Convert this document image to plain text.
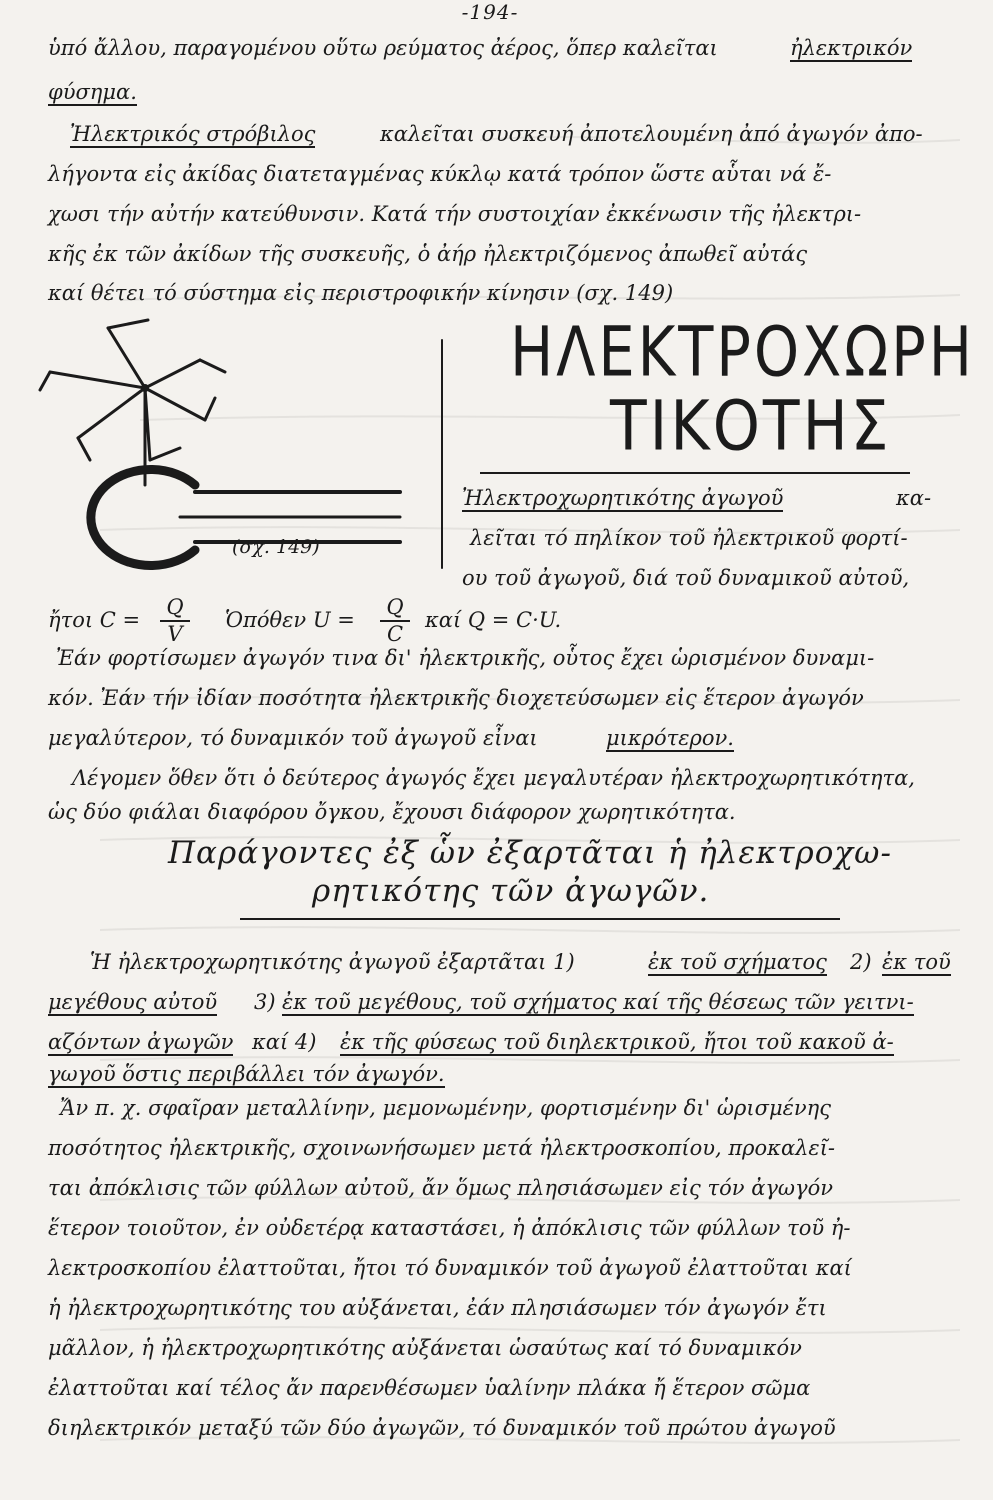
-194-
ὑπό ἄλλου, παραγομένου οὕτω ρεύματος ἀέρος, ὅπερ καλεῖται	ἠλεκτρικόν
φύσημα.
Ἠλεκτρικός στρόβιλος	καλεῖται συσκευή ἀποτελουμένη ἀπό ἀγωγόν ἀπο-
λήγοντα εἰς ἀκίδας διατεταγμένας κύκλῳ κατά τρόπον ὥστε αὗται νά ἔ-
χωσι τήν αὐτήν κατεύθυνσιν. Κατά τήν συστοιχίαν ἐκκένωσιν τῆς ἠλεκτρι-
κῆς ἐκ τῶν ἀκίδων τῆς συσκευῆς, ὁ ἀήρ ἠλεκτριζόμενος ἀπωθεῖ αὐτάς
καί θέτει τό σύστημα εἰς περιστροφικήν κίνησιν (σχ. 149)
(σχ. 149)
ΗΛΕΚΤΡΟΧΩΡΗ
ΤΙΚΟΤΗΣ
Ἠλεκτροχωρητικότης ἀγωγοῦ	κα-
λεῖται τό πηλίκον τοῦ ἠλεκτρικοῦ φορτί-
ου τοῦ ἀγωγοῦ, διά τοῦ δυναμικοῦ αὐτοῦ,
ἤτοι $C = \frac{Q}{V}$ Ὁπόθεν $U = \frac{Q}{C}$ καί Q = C·U.
Ἐάν φορτίσωμεν ἀγωγόν τινα δι' ἠλεκτρικῆς, οὗτος ἔχει ὡρισμένον δυναμι-
κόν. Ἐάν τήν ἰδίαν ποσότητα ἠλεκτρικῆς διοχετεύσωμεν εἰς ἕτερον ἀγωγόν
μεγαλύτερον, τό δυναμικόν τοῦ ἀγωγοῦ εἶναι	μικρότερον.
Λέγομεν ὅθεν ὅτι ὁ δεύτερος ἀγωγός ἔχει μεγαλυτέραν ἠλεκτροχωρητικότητα,
ὡς δύο φιάλαι διαφόρου ὄγκου, ἔχουσι διάφορον χωρητικότητα.
Παράγοντες ἐξ ὧν ἐξαρτᾶται ἡ ἠλεκτροχω-
ρητικότης τῶν ἀγωγῶν.
Ἡ ἠλεκτροχωρητικότης ἀγωγοῦ ἐξαρτᾶται 1)	ἐκ τοῦ σχήματος 2) ἐκ τοῦ
μεγέθους αὐτοῦ 3) ἐκ τοῦ μεγέθους, τοῦ σχήματος καί τῆς θέσεως τῶν γειτνι-
αζόντων ἀγωγῶν καί 4) ἐκ τῆς φύσεως τοῦ διηλεκτρικοῦ, ἤτοι τοῦ κακοῦ ἀ-
γωγοῦ ὅστις περιβάλλει τόν ἀγωγόν.
Ἄν π. χ. σφαῖραν μεταλλίνην, μεμονωμένην, φορτισμένην δι' ὡρισμένης
ποσότητος ἠλεκτρικῆς, σχοινωνήσωμεν μετά ἠλεκτροσκοπίου, προκαλεῖ-
ται ἀπόκλισις τῶν φύλλων αὐτοῦ, ἄν ὅμως πλησιάσωμεν εἰς τόν ἀγωγόν
ἕτερον τοιοῦτον, ἐν οὐδετέρᾳ καταστάσει, ἡ ἀπόκλισις τῶν φύλλων τοῦ ἠ-
λεκτροσκοπίου ἐλαττοῦται, ἤτοι τό δυναμικόν τοῦ ἀγωγοῦ ἐλαττοῦται καί
ἡ ἠλεκτροχωρητικότης του αὐξάνεται, ἐάν πλησιάσωμεν τόν ἀγωγόν ἔτι
μᾶλλον, ἡ ἠλεκτροχωρητικότης αὐξάνεται ὡσαύτως καί τό δυναμικόν
ἐλαττοῦται καί τέλος ἄν παρενθέσωμεν ὑαλίνην πλάκα ἤ ἕτερον σῶμα
διηλεκτρικόν μεταξύ τῶν δύο ἀγωγῶν, τό δυναμικόν τοῦ πρώτου ἀγωγοῦ
